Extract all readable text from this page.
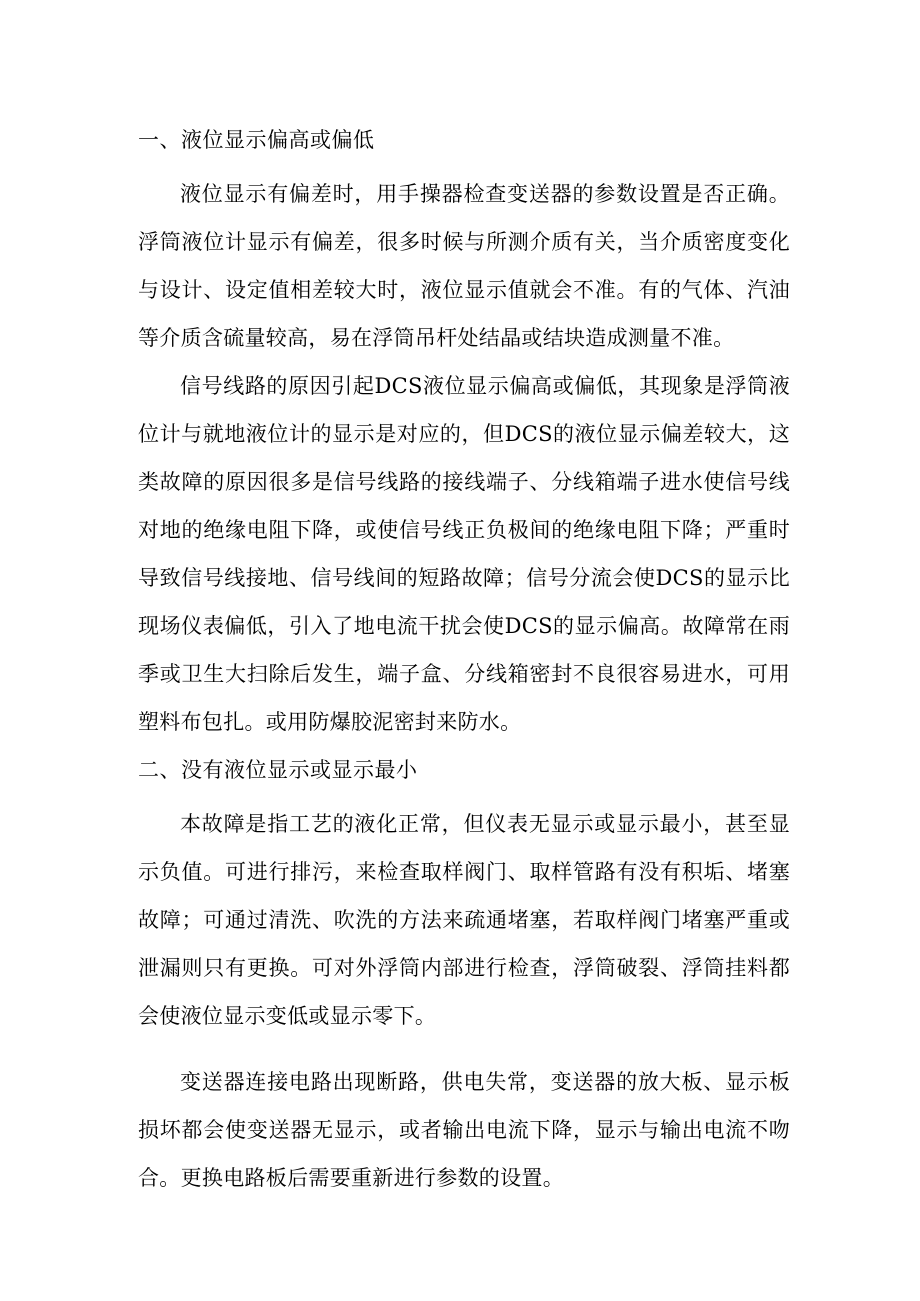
一、液位显示偏高或偏低

液位显示有偏差时，用手操器检查变送器的参数设置是否正确。浮筒液位计显示有偏差，很多时候与所测介质有关，当介质密度变化与设计、设定值相差较大时，液位显示值就会不准。有的气体、汽油等介质含硫量较高，易在浮筒吊杆处结晶或结块造成测量不准。

信号线路的原因引起DCS液位显示偏高或偏低，其现象是浮筒液位计与就地液位计的显示是对应的，但DCS的液位显示偏差较大，这类故障的原因很多是信号线路的接线端子、分线箱端子进水使信号线对地的绝缘电阻下降，或使信号线正负极间的绝缘电阻下降；严重时导致信号线接地、信号线间的短路故障；信号分流会使DCS的显示比现场仪表偏低，引入了地电流干扰会使DCS的显示偏高。故障常在雨季或卫生大扫除后发生，端子盒、分线箱密封不良很容易进水，可用塑料布包扎。或用防爆胶泥密封来防水。

二、没有液位显示或显示最小

本故障是指工艺的液化正常，但仪表无显示或显示最小，甚至显示负值。可进行排污，来检查取样阀门、取样管路有没有积垢、堵塞故障；可通过清洗、吹洗的方法来疏通堵塞，若取样阀门堵塞严重或泄漏则只有更换。可对外浮筒内部进行检查，浮筒破裂、浮筒挂料都会使液位显示变低或显示零下。

变送器连接电路出现断路，供电失常，变送器的放大板、显示板损坏都会使变送器无显示，或者输出电流下降，显示与输出电流不吻合。更换电路板后需要重新进行参数的设置。
